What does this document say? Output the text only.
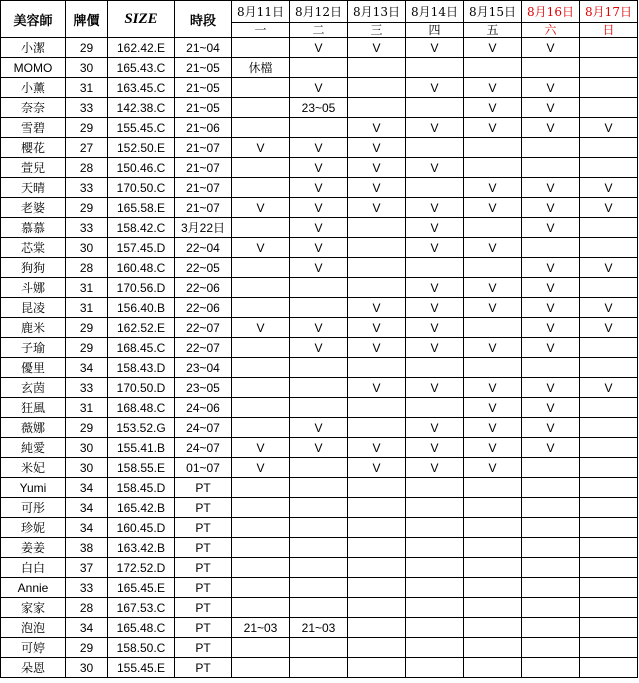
美容師	牌價	SIZE	時段	8月11日	8月12日	8月13日	8月14日	8月15日	8月16日	8月17日
				一	二	三	四	五	六	日
小潔	29	162.42.E	21~04		V	V	V	V	V	
MOMO	30	165.43.C	21~05	休檔						
小薰	31	163.45.C	21~05		V		V	V	V	
奈奈	33	142.38.C	21~05		23~05			V	V	
雪碧	29	155.45.C	21~06			V	V	V	V	V
櫻花	27	152.50.E	21~07	V	V	V				
萱兒	28	150.46.C	21~07		V	V	V			
天晴	33	170.50.C	21~07		V	V		V	V	V
老婆	29	165.58.E	21~07	V	V	V	V	V	V	V
慕慕	33	158.42.C	3月22日		V		V		V	
芯棠	30	157.45.D	22~04	V	V		V	V		
狗狗	28	160.48.C	22~05		V				V	V
斗娜	31	170.56.D	22~06				V	V	V	
昆凌	31	156.40.B	22~06			V	V	V	V	V
鹿米	29	162.52.E	22~07	V	V	V	V		V	V
子瑜	29	168.45.C	22~07		V	V	V	V	V	
優里	34	158.43.D	23~04							
玄茵	33	170.50.D	23~05			V	V	V	V	V
狂風	31	168.48.C	24~06					V	V	
薇娜	29	153.52.G	24~07		V		V	V	V	
純愛	30	155.41.B	24~07	V	V	V	V	V	V	
米妃	30	158.55.E	01~07	V		V	V	V		
Yumi	34	158.45.D	PT							
可彤	34	165.42.B	PT							
珍妮	34	160.45.D	PT							
姜姜	38	163.42.B	PT							
白白	37	172.52.D	PT							
Annie	33	165.45.E	PT							
家家	28	167.53.C	PT							
泡泡	34	165.48.C	PT	21~03	21~03					
可婷	29	158.50.C	PT							
朵恩	30	155.45.E	PT							
